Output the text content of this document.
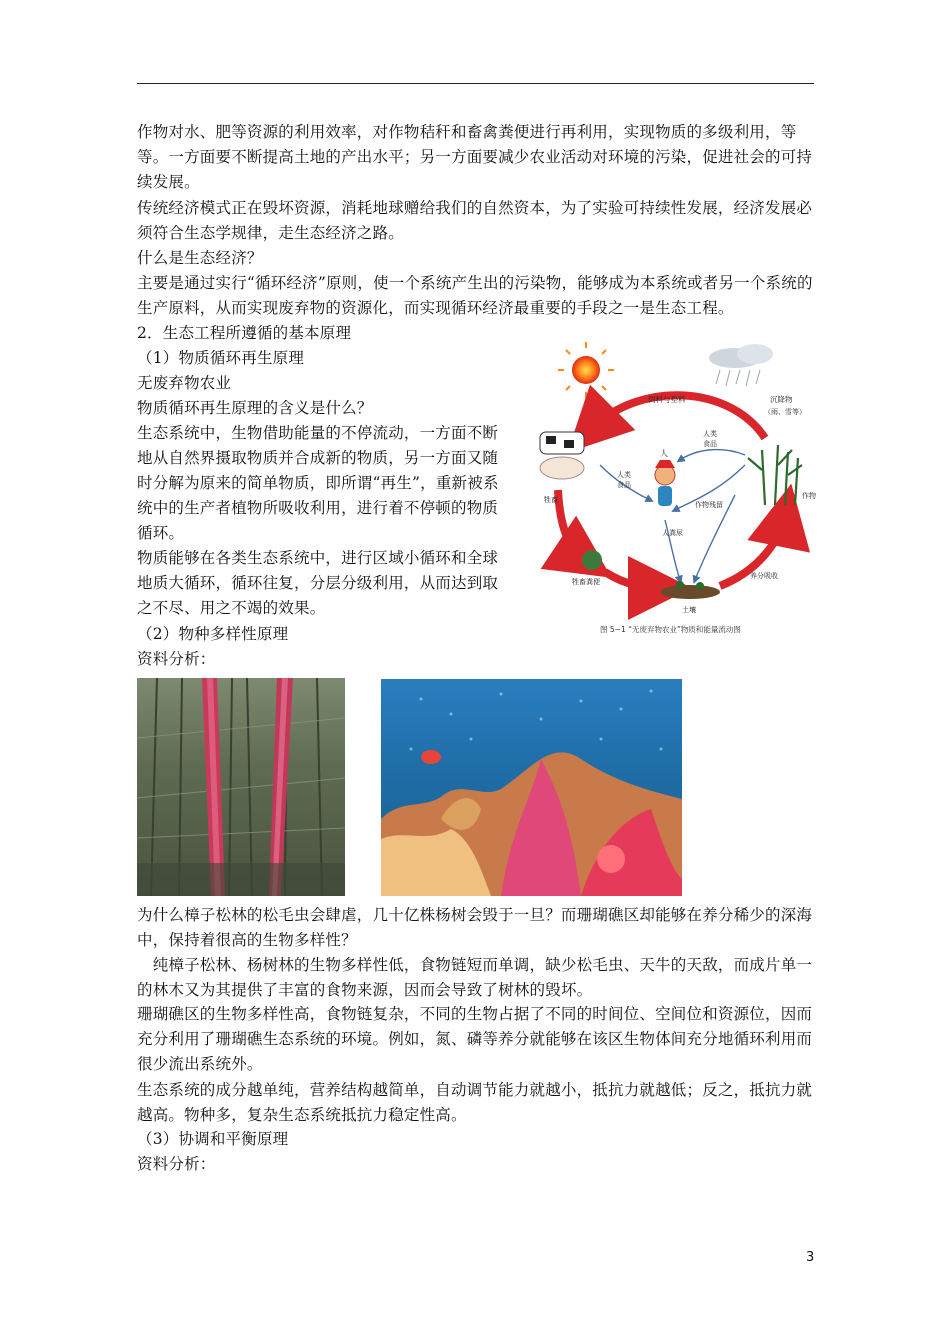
作物对水、肥等资源的利用效率，对作物秸秆和畜禽粪便进行再利用，实现物质的多级利用，等等。一方面要不断提高土地的产出水平；另一方面要减少农业活动对环境的污染，促进社会的可持续发展。

传统经济模式正在毁坏资源，消耗地球赠给我们的自然资本，为了实验可持续性发展，经济发展必须符合生态学规律，走生态经济之路。

什么是生态经济？

主要是通过实行“循环经济”原则，使一个系统产生出的污染物，能够成为本系统或者另一个系统的生产原料，从而实现废弃物的资源化，而实现循环经济最重要的手段之一是生态工程。

2．生态工程所遵循的基本原理

（1）物质循环再生原理

无废弃物农业

物质循环再生原理的含义是什么？

生态系统中，生物借助能量的不停流动，一方面不断地从自然界摄取物质并合成新的物质，另一方面又随时分解为原来的简单物质，即所谓“再生”，重新被系统中的生产者植物所吸收利用，进行着不停顿的物质循环。

物质能够在各类生态系统中，进行区域小循环和全球地质大循环，循环往复，分层分级利用，从而达到取之不尽、用之不竭的效果。

（2）物种多样性原理

资料分析：

饲料与垫料	沉降物
（雨、雪等）
人类
食品
人类
食品
人
作物残留
人粪尿
牲畜	作物
牲畜粪便
养分吸收
土壤
图 5−1 “无废弃物农业”物质和能量流动图

为什么樟子松林的松毛虫会肆虐，几十亿株杨树会毁于一旦？而珊瑚礁区却能够在养分稀少的深海中，保持着很高的生物多样性？

　纯樟子松林、杨树林的生物多样性低，食物链短而单调，缺少松毛虫、天牛的天敌，而成片单一的林木又为其提供了丰富的食物来源，因而会导致了树林的毁坏。

珊瑚礁区的生物多样性高，食物链复杂，不同的生物占据了不同的时间位、空间位和资源位，因而充分利用了珊瑚礁生态系统的环境。例如，氮、磷等养分就能够在该区生物体间充分地循环利用而很少流出系统外。

生态系统的成分越单纯，营养结构越简单，自动调节能力就越小，抵抗力就越低；反之，抵抗力就越高。物种多，复杂生态系统抵抗力稳定性高。

（3）协调和平衡原理

资料分析：

3
